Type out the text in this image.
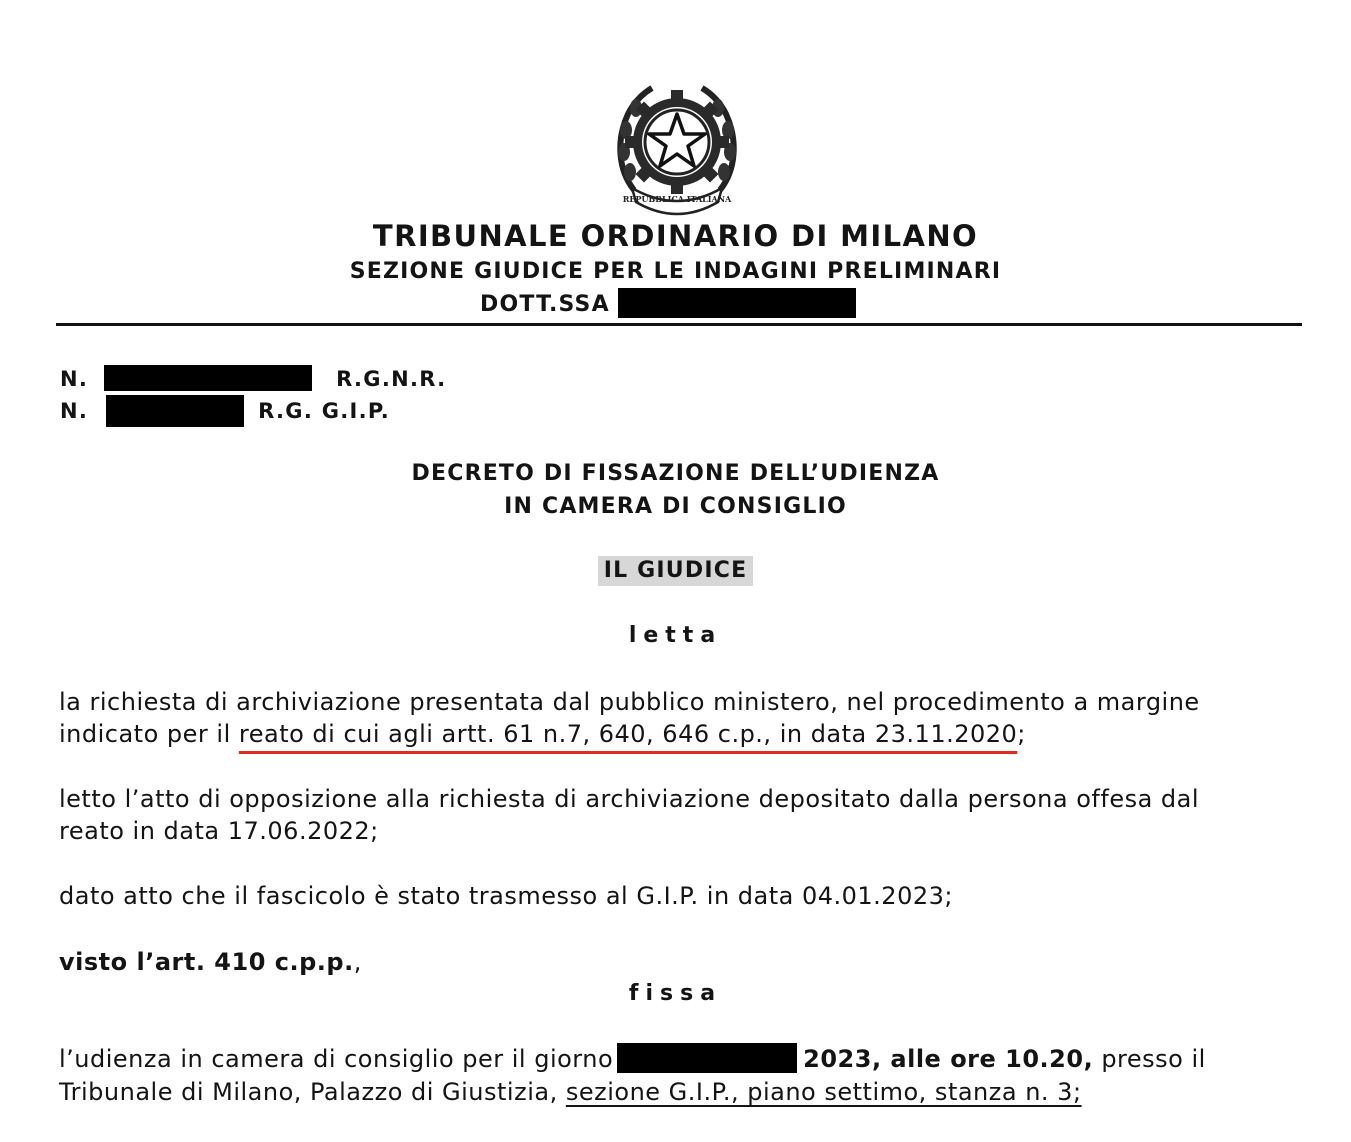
REPUBBLICA ITALIANA
TRIBUNALE ORDINARIO DI MILANO
SEZIONE GIUDICE PER LE INDAGINI PRELIMINARI
DOTT.SSA
N.	R.G.N.R.
N.	R.G. G.I.P.
DECRETO DI FISSAZIONE DELL’UDIENZA
IN CAMERA DI CONSIGLIO
IL GIUDICE
letta
la richiesta di archiviazione presentata dal pubblico ministero, nel procedimento a margine
indicato per il reato di cui agli artt. 61 n.7, 640, 646 c.p., in data 23.11.2020;
letto l’atto di opposizione alla richiesta di archiviazione depositato dalla persona offesa dal
reato in data 17.06.2022;
dato atto che il fascicolo è stato trasmesso al G.I.P. in data 04.01.2023;
visto l’art. 410 c.p.p.,
fissa
l’udienza in camera di consiglio per il giorno	2023, alle ore 10.20, presso il
Tribunale di Milano, Palazzo di Giustizia, sezione G.I.P., piano settimo, stanza n. 3;
